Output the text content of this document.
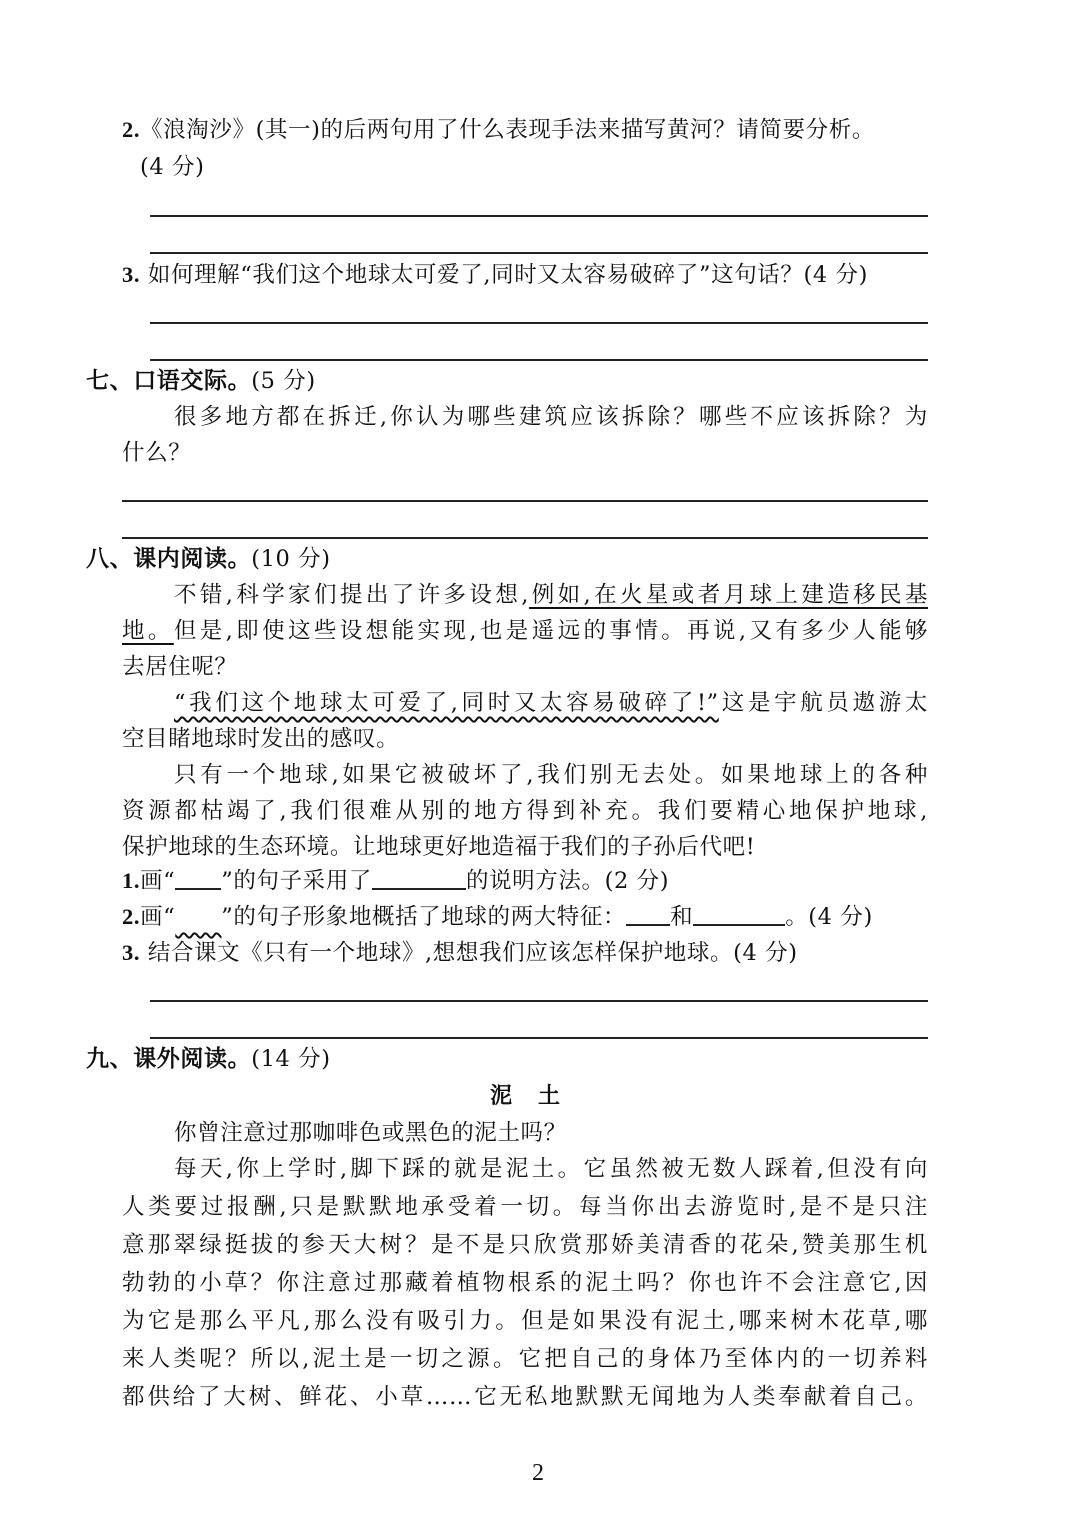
2.《浪淘沙》(其一)的后两句用了什么表现手法来描写黄河？请简要分析。
(4 分)
3. 如何理解“我们这个地球太可爱了,同时又太容易破碎了”这句话？(4 分)
七、口语交际。(5 分)
很多地方都在拆迁,你认为哪些建筑应该拆除？哪些不应该拆除？为
什么？
八、课内阅读。(10 分)
不错,科学家们提出了许多设想,例如,在火星或者月球上建造移民基
地。但是,即使这些设想能实现,也是遥远的事情。再说,又有多少人能够
去居住呢？
“我们这个地球太可爱了,同时又太容易破碎了!”这是宇航员遨游太
空目睹地球时发出的感叹。
只有一个地球,如果它被破坏了,我们别无去处。如果地球上的各种
资源都枯竭了,我们很难从别的地方得到补充。我们要精心地保护地球,
保护地球的生态环境。让地球更好地造福于我们的子孙后代吧!
1.画“ ”的句子采用了	的说明方法。(2 分)
2.画“   ”的句子形象地概括了地球的两大特征： 和	。(4 分)
3. 结合课文《只有一个地球》,想想我们应该怎样保护地球。(4 分)
九、课外阅读。(14 分)
泥土
你曾注意过那咖啡色或黑色的泥土吗？
每天,你上学时,脚下踩的就是泥土。它虽然被无数人踩着,但没有向
人类要过报酬,只是默默地承受着一切。每当你出去游览时,是不是只注
意那翠绿挺拔的参天大树？是不是只欣赏那娇美清香的花朵,赞美那生机
勃勃的小草？你注意过那藏着植物根系的泥土吗？你也许不会注意它,因
为它是那么平凡,那么没有吸引力。但是如果没有泥土,哪来树木花草,哪
来人类呢？所以,泥土是一切之源。它把自己的身体乃至体内的一切养料
都供给了大树、鲜花、小草……它无私地默默无闻地为人类奉献着自己。
2
